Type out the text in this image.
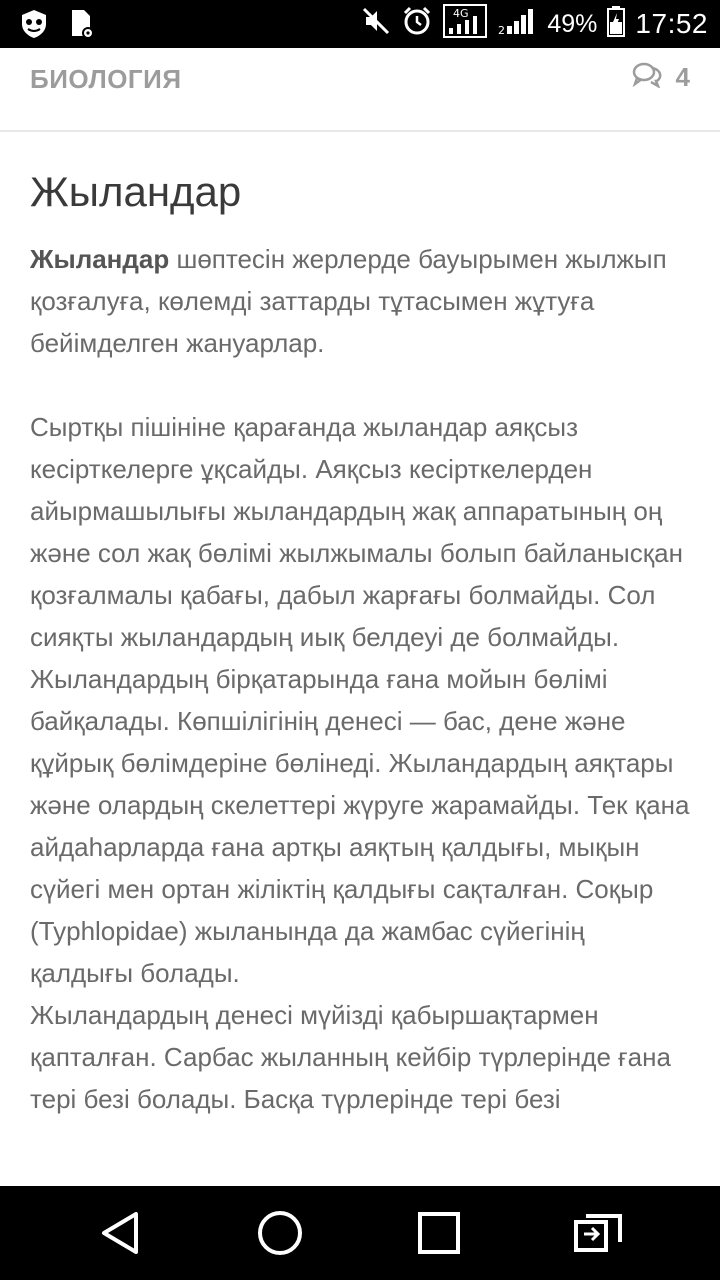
4G
2 49% 17:52
БИОЛОГИЯ	4
Жыландар

Жыландар шөптесін жерлерде бауырымен жылжып қозғалуға, көлемді заттарды тұтасымен жұтуға бейімделген жануарлар.

Сыртқы пішініне қарағанда жыландар аяқсыз кесірткелерге ұқсайды. Аяқсыз кесірткелерден айырмашылығы жыландардың жақ аппаратының оң және сол жақ бөлімі жылжымалы болып байланысқан қозғалмалы қабағы, дабыл жарғағы болмайды. Сол сияқты жыландардың иық белдеуі де болмайды. Жыландардың бірқатарында ғана мойын бөлімі байқалады. Көпшілігінің денесі — бас, дене және құйрық бөлімдеріне бөлінеді. Жыландардың аяқтары және олардың скелеттері жүруге жарамайды. Тек қана айдаһарларда ғана артқы аяқтың қалдығы, мықын сүйегі мен ортан жіліктің қалдығы сақталған. Соқыр (Typhlopidae) жыланында да жамбас сүйегінің қалдығы болады.

Жыландардың денесі мүйізді қабыршақтармен қапталған. Сарбас жыланның кейбір түрлерінде ғана тері безі болады. Басқа түрлерінде тері безі
